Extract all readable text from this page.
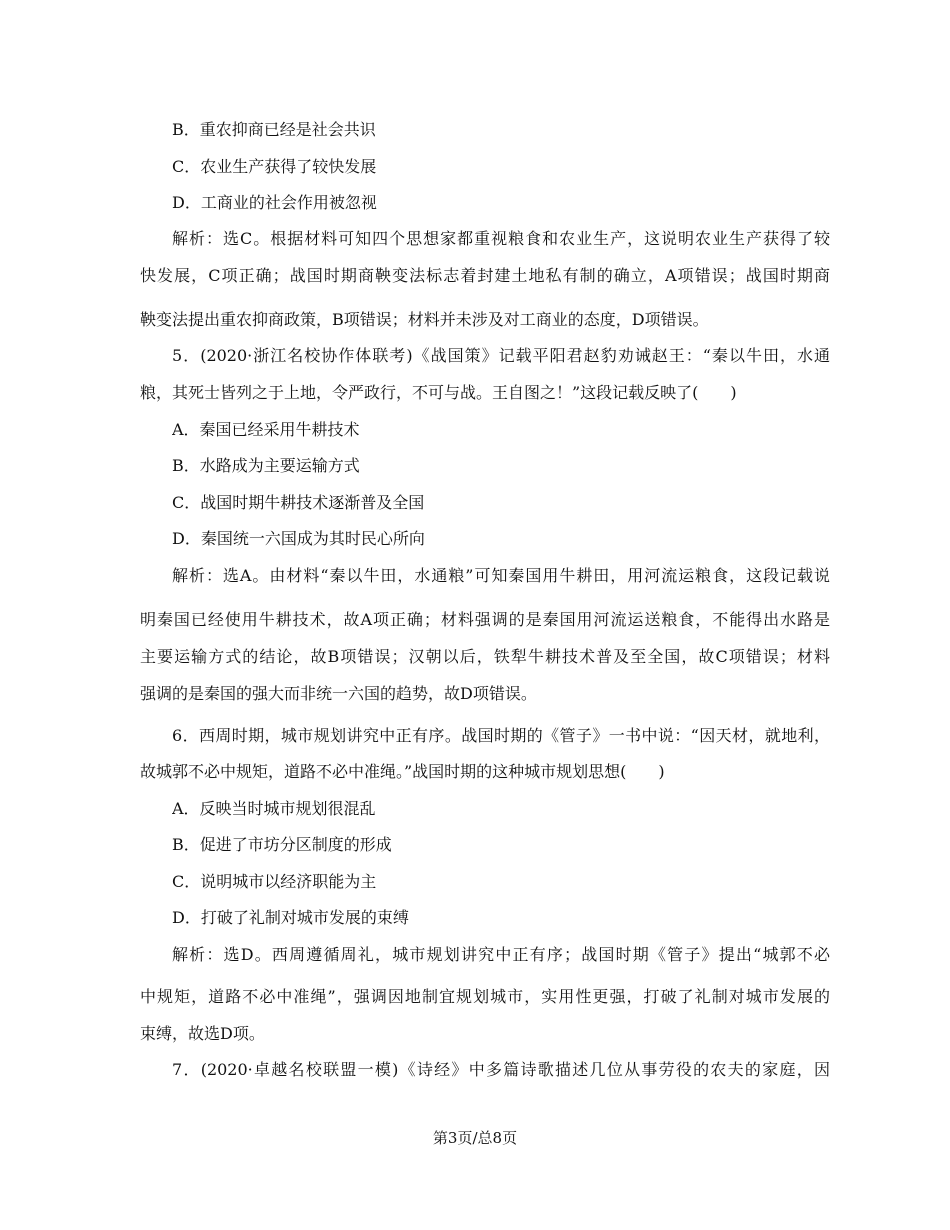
B．重农抑商已经是社会共识
C．农业生产获得了较快发展
D．工商业的社会作用被忽视
解析：选C。根据材料可知四个思想家都重视粮食和农业生产，这说明农业生产获得了较
快发展，C项正确；战国时期商鞅变法标志着封建土地私有制的确立，A项错误；战国时期商
鞅变法提出重农抑商政策，B项错误；材料并未涉及对工商业的态度，D项错误。
5．(2020·浙江名校协作体联考)《战国策》记载平阳君赵豹劝诫赵王：“秦以牛田，水通
粮，其死士皆列之于上地，令严政行，不可与战。王自图之！”这段记载反映了(　　)
A．秦国已经采用牛耕技术
B．水路成为主要运输方式
C．战国时期牛耕技术逐渐普及全国
D．秦国统一六国成为其时民心所向
解析：选A。由材料“秦以牛田，水通粮”可知秦国用牛耕田，用河流运粮食，这段记载说
明秦国已经使用牛耕技术，故A项正确；材料强调的是秦国用河流运送粮食，不能得出水路是
主要运输方式的结论，故B项错误；汉朝以后，铁犁牛耕技术普及至全国，故C项错误；材料
强调的是秦国的强大而非统一六国的趋势，故D项错误。
6．西周时期，城市规划讲究中正有序。战国时期的《管子》一书中说：“因天材，就地利，
故城郭不必中规矩，道路不必中准绳。”战国时期的这种城市规划思想(　　)
A．反映当时城市规划很混乱
B．促进了市坊分区制度的形成
C．说明城市以经济职能为主
D．打破了礼制对城市发展的束缚
解析：选D。西周遵循周礼，城市规划讲究中正有序；战国时期《管子》提出“城郭不必
中规矩，道路不必中准绳”，强调因地制宜规划城市，实用性更强，打破了礼制对城市发展的
束缚，故选D项。
7．(2020·卓越名校联盟一模)《诗经》中多篇诗歌描述几位从事劳役的农夫的家庭，因
第3页/总8页
